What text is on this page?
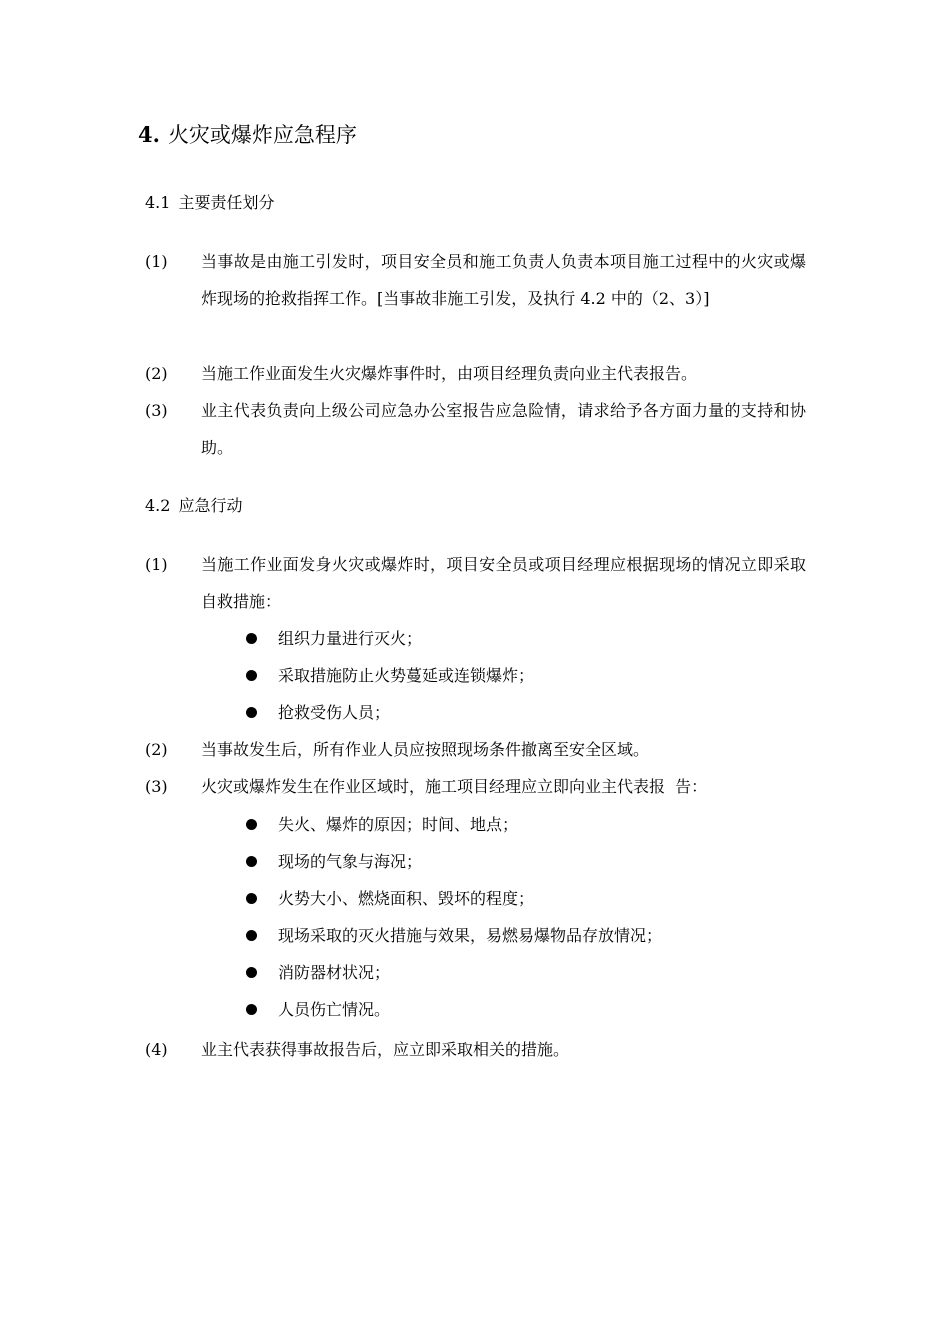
4. 火灾或爆炸应急程序
4.1 主要责任划分
(1) 当事故是由施工引发时，项目安全员和施工负责人负责本项目施工过程中的火灾或爆炸现场的抢救指挥工作。[当事故非施工引发，及执行 4.2 中的（2、3）]
(2) 当施工作业面发生火灾爆炸事件时，由项目经理负责向业主代表报告。
(3) 业主代表负责向上级公司应急办公室报告应急险情，请求给予各方面力量的支持和协助。
4.2 应急行动
(1) 当施工作业面发身火灾或爆炸时，项目安全员或项目经理应根据现场的情况立即采取自救措施：
组织力量进行灭火；
采取措施防止火势蔓延或连锁爆炸；
抢救受伤人员；
(2) 当事故发生后，所有作业人员应按照现场条件撤离至安全区域。
(3) 火灾或爆炸发生在作业区域时，施工项目经理应立即向业主代表报  告：
失火、爆炸的原因；时间、地点；
现场的气象与海况；
火势大小、燃烧面积、毁坏的程度；
现场采取的灭火措施与效果，易燃易爆物品存放情况；
消防器材状况；
人员伤亡情况。
(4) 业主代表获得事故报告后，应立即采取相关的措施。
